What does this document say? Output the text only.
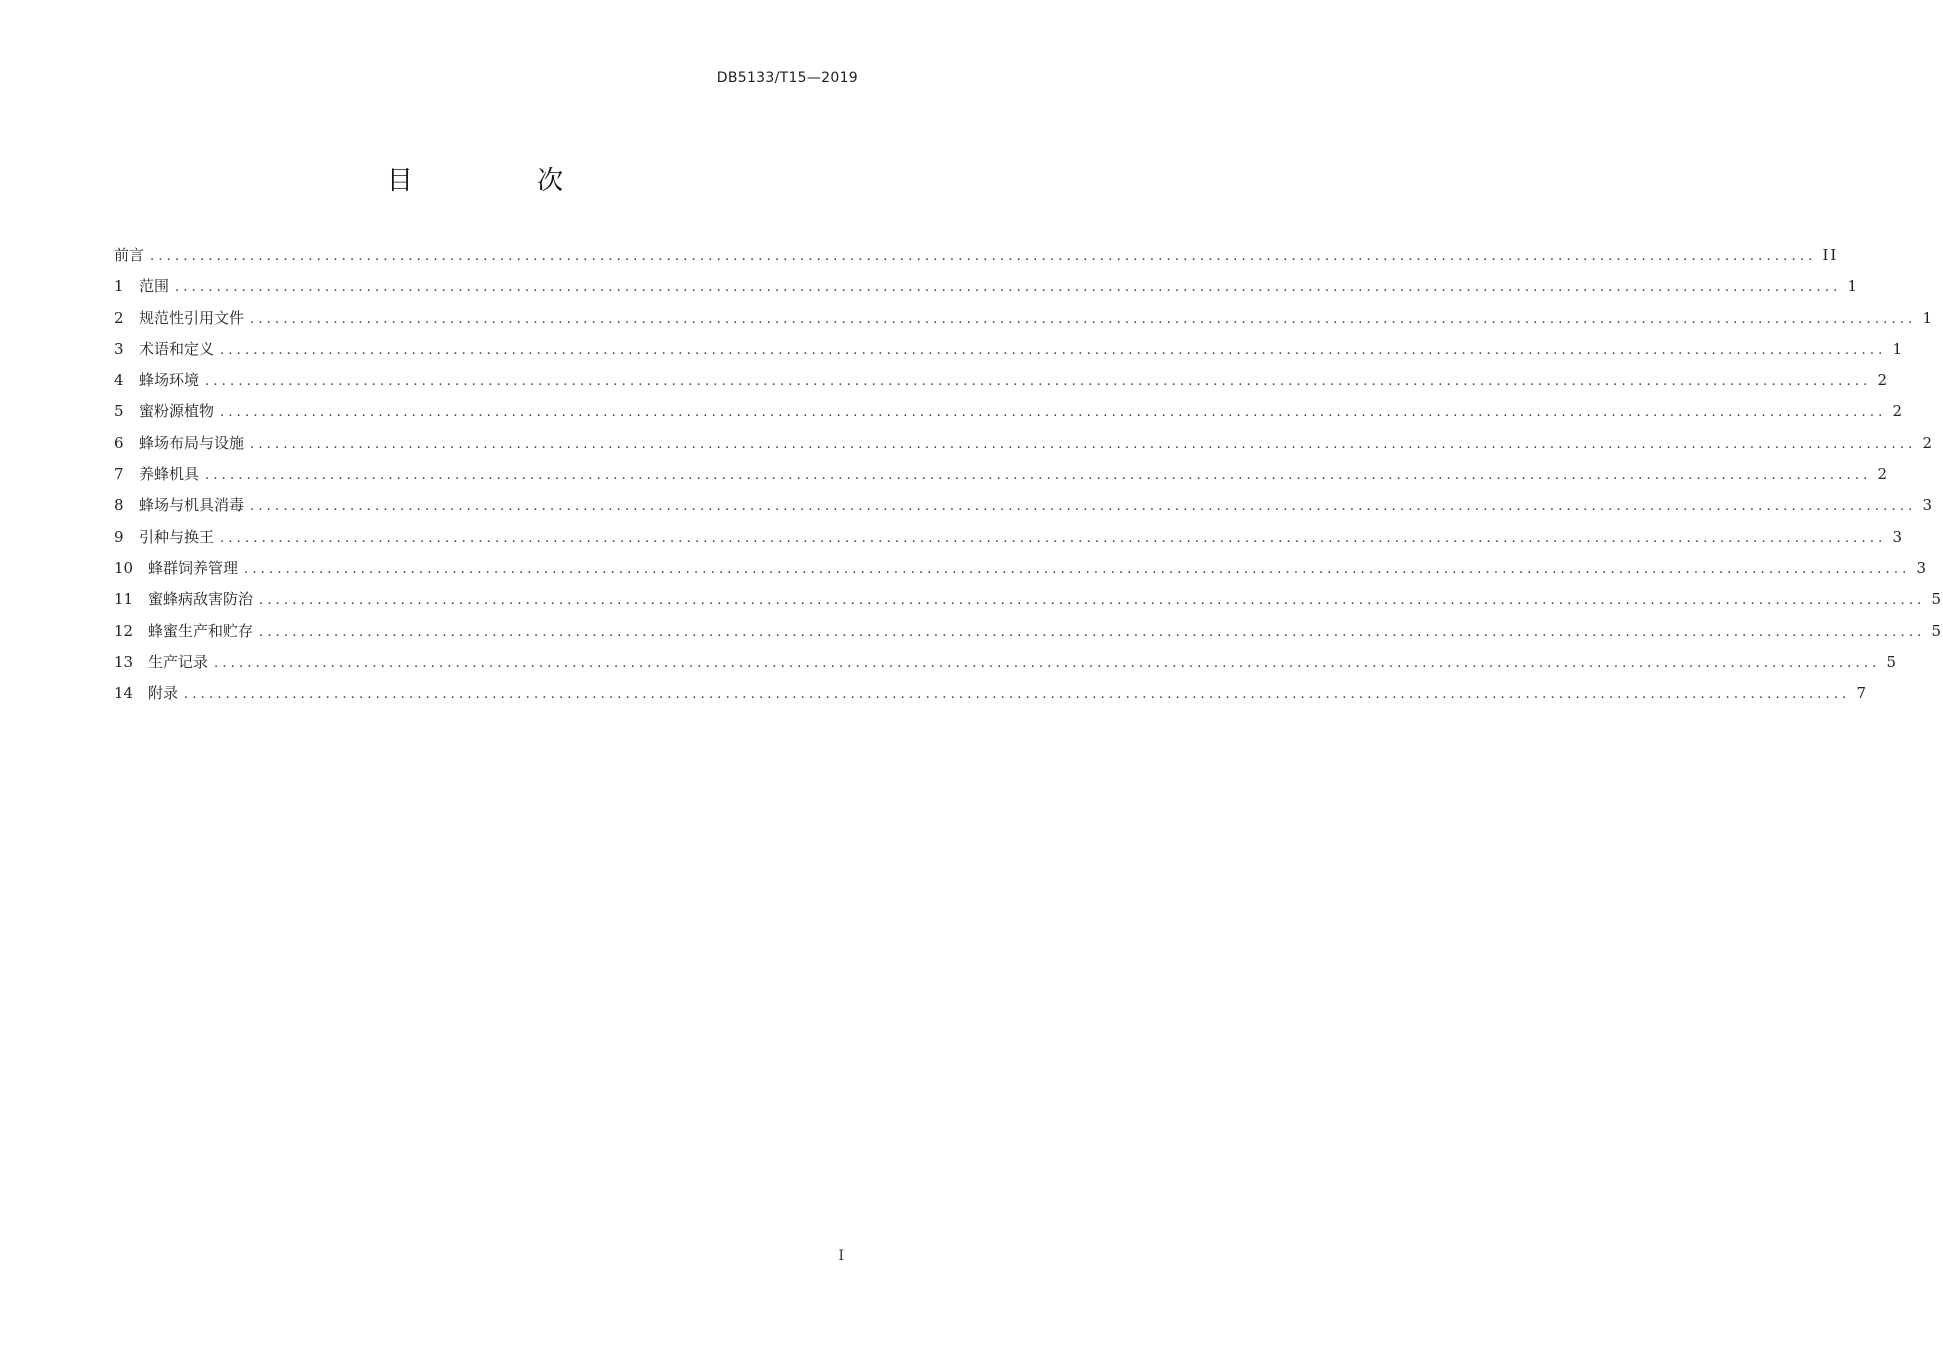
DB5133/T15—2019
目 次
前言 ........................................................................................................................................................................................................ II
1	范围 ........................................................................................................................................................................................................ 1
2	规范性引用文件 ........................................................................................................................................................................................................ 1
3	术语和定义 ........................................................................................................................................................................................................ 1
4	蜂场环境 ........................................................................................................................................................................................................ 2
5	蜜粉源植物 ........................................................................................................................................................................................................ 2
6	蜂场布局与设施 ........................................................................................................................................................................................................ 2
7	养蜂机具 ........................................................................................................................................................................................................ 2
8	蜂场与机具消毒 ........................................................................................................................................................................................................ 3
9	引种与换王 ........................................................................................................................................................................................................ 3
10 蜂群饲养管理 ........................................................................................................................................................................................................ 3
11 蜜蜂病敌害防治 ........................................................................................................................................................................................................ 5
12 蜂蜜生产和贮存 ........................................................................................................................................................................................................ 5
13 生产记录 ........................................................................................................................................................................................................ 5
14 附录 ........................................................................................................................................................................................................ 7
I
